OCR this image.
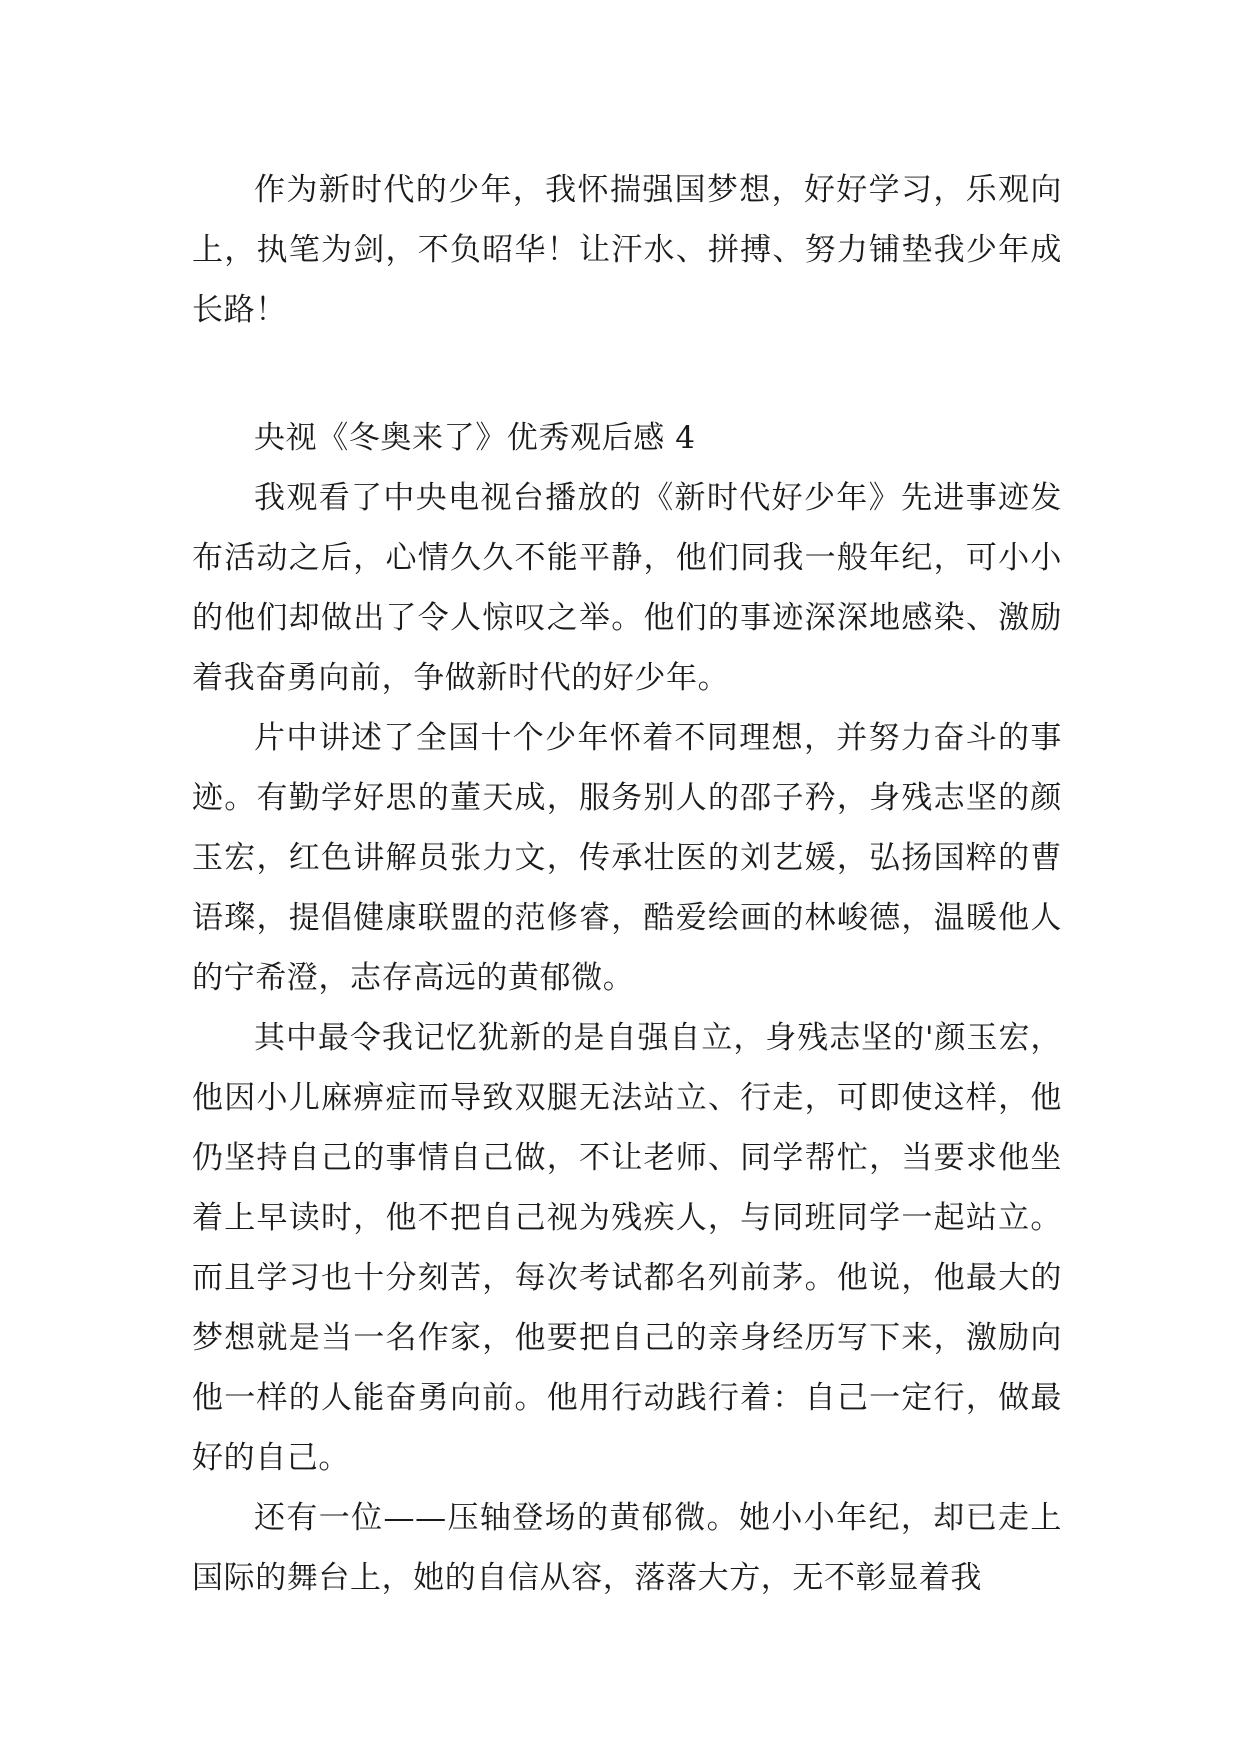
作为新时代的少年，我怀揣强国梦想，好好学习，乐观向上，执笔为剑，不负昭华！让汗水、拼搏、努力铺垫我少年成长路！

央视《冬奥来了》优秀观后感 4

我观看了中央电视台播放的《新时代好少年》先进事迹发布活动之后，心情久久不能平静，他们同我一般年纪，可小小的他们却做出了令人惊叹之举。他们的事迹深深地感染、激励着我奋勇向前，争做新时代的好少年。

片中讲述了全国十个少年怀着不同理想，并努力奋斗的事迹。有勤学好思的董天成，服务别人的邵子矜，身残志坚的颜玉宏，红色讲解员张力文，传承壮医的刘艺媛，弘扬国粹的曹语璨，提倡健康联盟的范修睿，酷爱绘画的林峻德，温暖他人的宁希澄，志存高远的黄郁微。

其中最令我记忆犹新的是自强自立，身残志坚的'颜玉宏，他因小儿麻痹症而导致双腿无法站立、行走，可即使这样，他仍坚持自己的事情自己做，不让老师、同学帮忙，当要求他坐着上早读时，他不把自己视为残疾人，与同班同学一起站立。而且学习也十分刻苦，每次考试都名列前茅。他说，他最大的梦想就是当一名作家，他要把自己的亲身经历写下来，激励向他一样的人能奋勇向前。他用行动践行着：自己一定行，做最好的自己。

还有一位——压轴登场的黄郁微。她小小年纪，却已走上国际的舞台上，她的自信从容，落落大方，无不彰显着我
